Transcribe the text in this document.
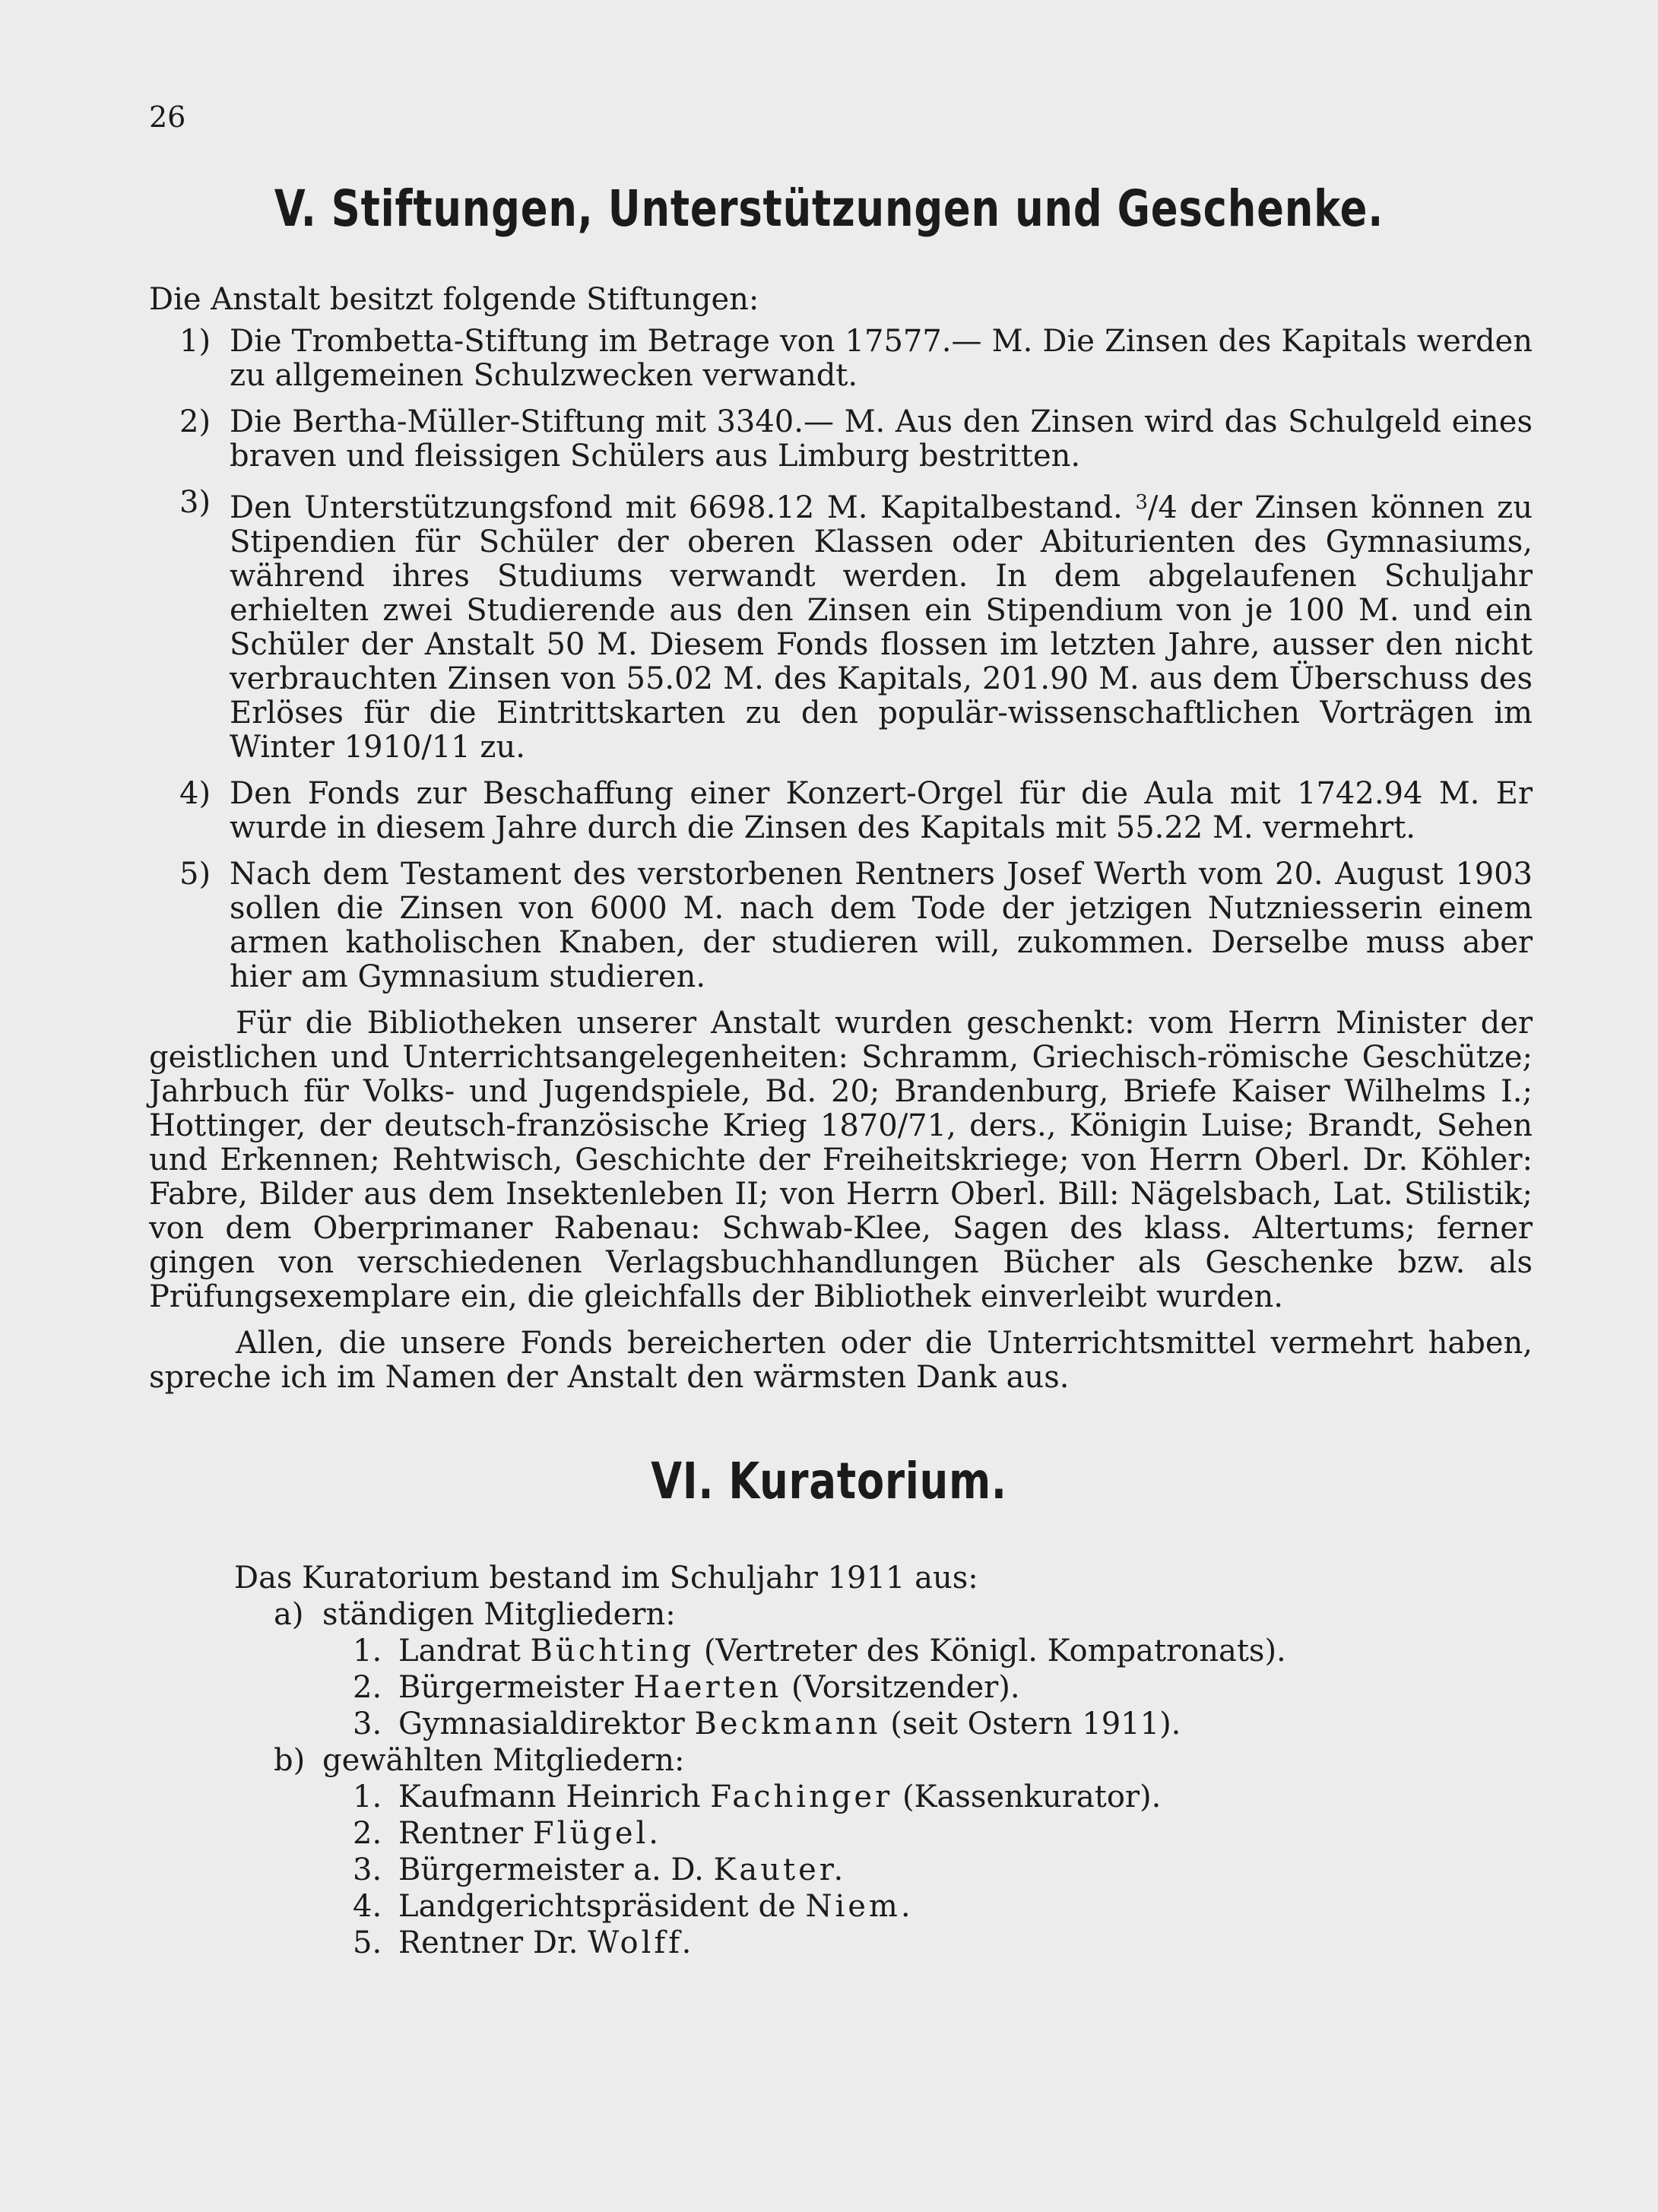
26
V. Stiftungen, Unterstützungen und Geschenke.

Die Anstalt besitzt folgende Stiftungen:

1) Die Trombetta-Stiftung im Betrage von 17577.— M. Die Zinsen des Kapitals werden zu allgemeinen Schulzwecken verwandt.
2) Die Bertha-Müller-Stiftung mit 3340.— M. Aus den Zinsen wird das Schulgeld eines braven und fleissigen Schülers aus Limburg bestritten.
3) Den Unterstützungsfond mit 6698.12 M. Kapitalbestand. $^3$/4 der Zinsen können zu Stipendien für Schüler der oberen Klassen oder Abiturienten des Gymnasiums, während ihres Studiums verwandt werden. In dem abgelaufenen Schuljahr erhielten zwei Studierende aus den Zinsen ein Stipendium von je 100 M. und ein Schüler der Anstalt 50 M. Diesem Fonds flossen im letzten Jahre, ausser den nicht verbrauchten Zinsen von 55.02 M. des Kapitals, 201.90 M. aus dem Überschuss des Erlöses für die Eintrittskarten zu den populär-wissenschaftlichen Vorträgen im Winter 1910/11 zu.
4) Den Fonds zur Beschaffung einer Konzert-Orgel für die Aula mit 1742.94 M. Er wurde in diesem Jahre durch die Zinsen des Kapitals mit 55.22 M. vermehrt.
5) Nach dem Testament des verstorbenen Rentners Josef Werth vom 20. August 1903 sollen die Zinsen von 6000 M. nach dem Tode der jetzigen Nutzniesserin einem armen katholischen Knaben, der studieren will, zukommen. Derselbe muss aber hier am Gymnasium studieren.

Für die Bibliotheken unserer Anstalt wurden geschenkt: vom Herrn Minister der geistlichen und Unterrichtsangelegenheiten: Schramm, Griechisch-römische Geschütze; Jahrbuch für Volks- und Jugendspiele, Bd. 20; Brandenburg, Briefe Kaiser Wilhelms I.; Hottinger, der deutsch-französische Krieg 1870/71, ders., Königin Luise; Brandt, Sehen und Erkennen; Rehtwisch, Geschichte der Freiheitskriege; von Herrn Oberl. Dr. Köhler: Fabre, Bilder aus dem Insektenleben II; von Herrn Oberl. Bill: Nägelsbach, Lat. Stilistik; von dem Oberprimaner Rabenau: Schwab-Klee, Sagen des klass. Altertums; ferner gingen von verschiedenen Verlagsbuchhandlungen Bücher als Geschenke bzw. als Prüfungsexemplare ein, die gleichfalls der Bibliothek einverleibt wurden.

Allen, die unsere Fonds bereicherten oder die Unterrichtsmittel vermehrt haben, spreche ich im Namen der Anstalt den wärmsten Dank aus.

VI. Kuratorium.
Das Kuratorium bestand im Schuljahr 1911 aus:
a) ständigen Mitgliedern:
1. Landrat Büchting (Vertreter des Königl. Kompatronats).
2. Bürgermeister Haerten (Vorsitzender).
3. Gymnasialdirektor Beckmann (seit Ostern 1911).
b) gewählten Mitgliedern:
1. Kaufmann Heinrich Fachinger (Kassenkurator).
2. Rentner Flügel.
3. Bürgermeister a. D. Kauter.
4. Landgerichtspräsident de Niem.
5. Rentner Dr. Wolff.
